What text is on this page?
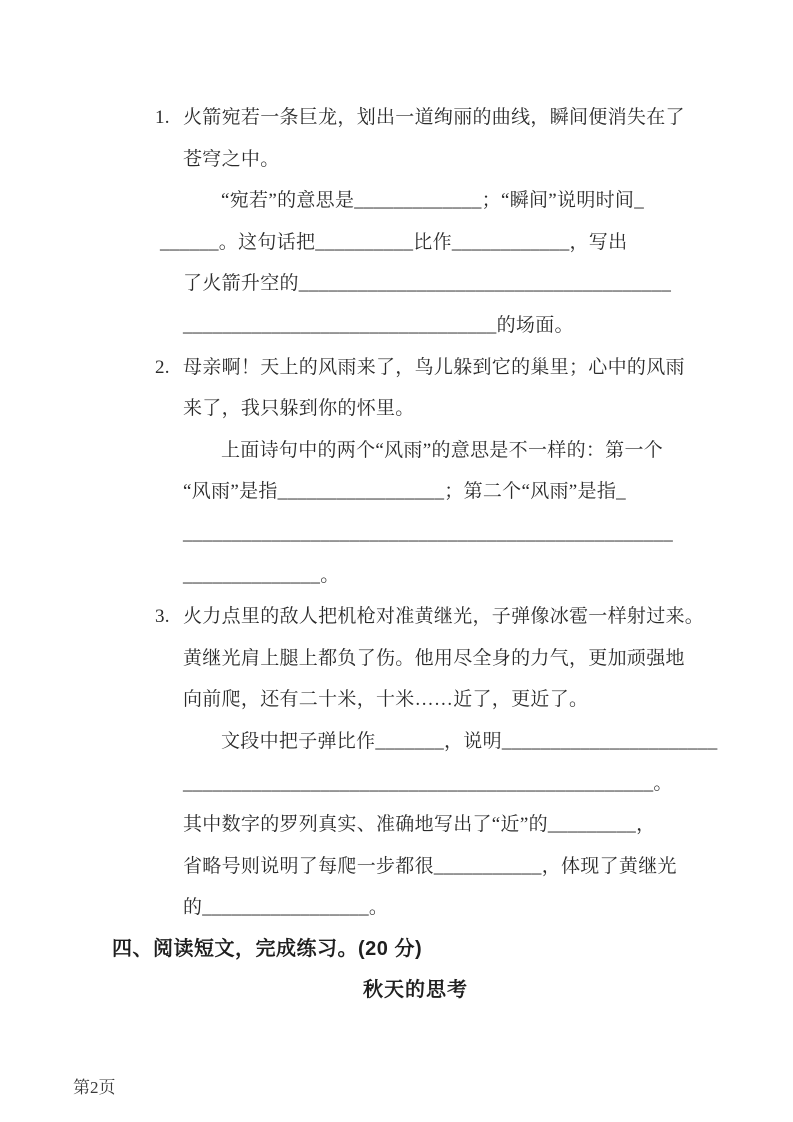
1. 火箭宛若一条巨龙，划出一道绚丽的曲线，瞬间便消失在了
苍穹之中。
“宛若”的意思是_____________；“瞬间”说明时间_
______。这句话把__________比作____________，写出
了火箭升空的______________________________________
________________________________的场面。
2. 母亲啊！天上的风雨来了，鸟儿躲到它的巢里；心中的风雨
来了，我只躲到你的怀里。
上面诗句中的两个“风雨”的意思是不一样的：第一个
“风雨”是指_________________；第二个“风雨”是指_
__________________________________________________
______________。
3. 火力点里的敌人把机枪对准黄继光，子弹像冰雹一样射过来。
黄继光肩上腿上都负了伤。他用尽全身的力气，更加顽强地
向前爬，还有二十米，十米……近了，更近了。
文段中把子弹比作_______，说明______________________
________________________________________________。
其中数字的罗列真实、准确地写出了“近”的_________，
省略号则说明了每爬一步都很___________，体现了黄继光
的_________________。
四、阅读短文，完成练习。(20 分)
秋天的思考
第2页
